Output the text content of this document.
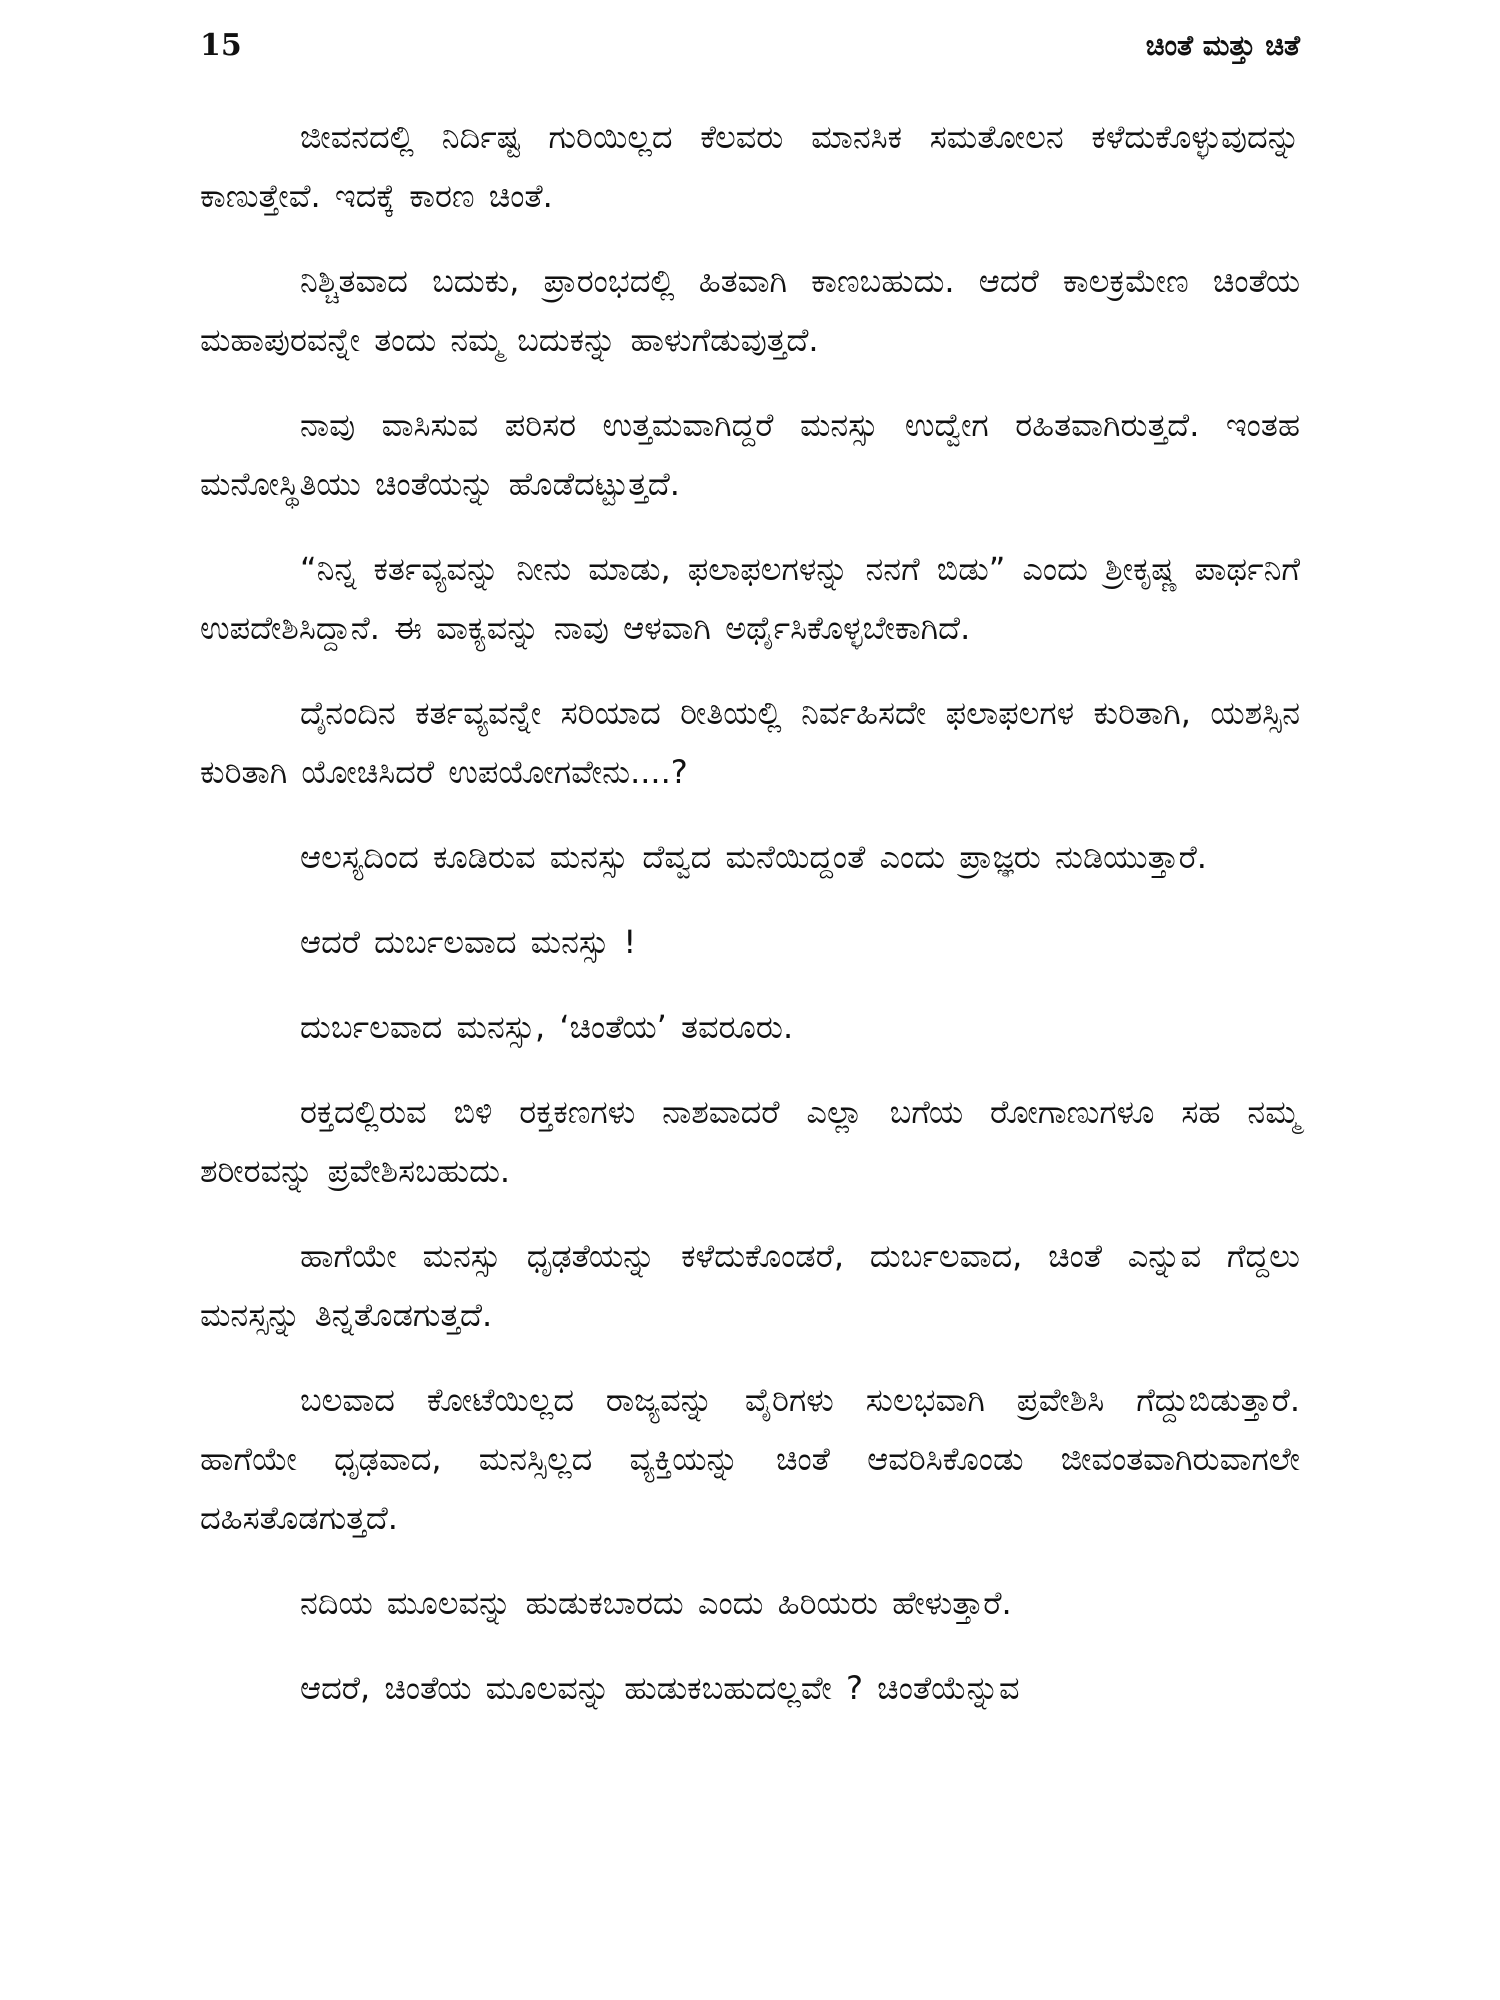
15	ಚಿಂತೆ ಮತ್ತು ಚಿತೆ

ಜೀವನದಲ್ಲಿ ನಿರ್ದಿಷ್ಟ ಗುರಿಯಿಲ್ಲದ ಕೆಲವರು ಮಾನಸಿಕ ಸಮತೋಲನ ಕಳೆದುಕೊಳ್ಳುವುದನ್ನು ಕಾಣುತ್ತೇವೆ. ಇದಕ್ಕೆ ಕಾರಣ ಚಿಂತೆ.

ನಿಶ್ಚಿತವಾದ ಬದುಕು, ಪ್ರಾರಂಭದಲ್ಲಿ ಹಿತವಾಗಿ ಕಾಣಬಹುದು. ಆದರೆ ಕಾಲಕ್ರಮೇಣ ಚಿಂತೆಯ ಮಹಾಪುರವನ್ನೇ ತಂದು ನಮ್ಮ ಬದುಕನ್ನು ಹಾಳುಗೆಡುವುತ್ತದೆ.

ನಾವು ವಾಸಿಸುವ ಪರಿಸರ ಉತ್ತಮವಾಗಿದ್ದರೆ ಮನಸ್ಸು ಉದ್ವೇಗ ರಹಿತವಾಗಿರುತ್ತದೆ. ಇಂತಹ ಮನೋಸ್ಥಿತಿಯು ಚಿಂತೆಯನ್ನು ಹೊಡೆದಟ್ಟುತ್ತದೆ.

“ನಿನ್ನ ಕರ್ತವ್ಯವನ್ನು ನೀನು ಮಾಡು, ಫಲಾಫಲಗಳನ್ನು ನನಗೆ ಬಿಡು” ಎಂದು ಶ್ರೀಕೃಷ್ಣ ಪಾರ್ಥನಿಗೆ ಉಪದೇಶಿಸಿದ್ದಾನೆ. ಈ ವಾಕ್ಯವನ್ನು ನಾವು ಆಳವಾಗಿ ಅರ್ಥೈಸಿಕೊಳ್ಳಬೇಕಾಗಿದೆ.

ದೈನಂದಿನ ಕರ್ತವ್ಯವನ್ನೇ ಸರಿಯಾದ ರೀತಿಯಲ್ಲಿ ನಿರ್ವಹಿಸದೇ ಫಲಾಫಲಗಳ ಕುರಿತಾಗಿ, ಯಶಸ್ಸಿನ ಕುರಿತಾಗಿ ಯೋಚಿಸಿದರೆ ಉಪಯೋಗವೇನು....?

ಆಲಸ್ಯದಿಂದ ಕೂಡಿರುವ ಮನಸ್ಸು ದೆವ್ವದ ಮನೆಯಿದ್ದಂತೆ ಎಂದು ಪ್ರಾಜ್ಞರು ನುಡಿಯುತ್ತಾರೆ.

ಆದರೆ ದುರ್ಬಲವಾದ ಮನಸ್ಸು !

ದುರ್ಬಲವಾದ ಮನಸ್ಸು, ‘ಚಿಂತೆಯ’ ತವರೂರು.

ರಕ್ತದಲ್ಲಿರುವ ಬಿಳಿ ರಕ್ತಕಣಗಳು ನಾಶವಾದರೆ ಎಲ್ಲಾ ಬಗೆಯ ರೋಗಾಣುಗಳೂ ಸಹ ನಮ್ಮ ಶರೀರವನ್ನು ಪ್ರವೇಶಿಸಬಹುದು.

ಹಾಗೆಯೇ ಮನಸ್ಸು ಧೃಢತೆಯನ್ನು ಕಳೆದುಕೊಂಡರೆ, ದುರ್ಬಲವಾದ, ಚಿಂತೆ ಎನ್ನುವ ಗೆದ್ದಲು ಮನಸ್ಸನ್ನು ತಿನ್ನತೊಡಗುತ್ತದೆ.

ಬಲವಾದ ಕೋಟೆಯಿಲ್ಲದ ರಾಜ್ಯವನ್ನು ವೈರಿಗಳು ಸುಲಭವಾಗಿ ಪ್ರವೇಶಿಸಿ ಗೆದ್ದುಬಿಡುತ್ತಾರೆ. ಹಾಗೆಯೇ ಧೃಢವಾದ, ಮನಸ್ಸಿಲ್ಲದ ವ್ಯಕ್ತಿಯನ್ನು ಚಿಂತೆ ಆವರಿಸಿಕೊಂಡು ಜೀವಂತವಾಗಿರುವಾಗಲೇ ದಹಿಸತೊಡಗುತ್ತದೆ.

ನದಿಯ ಮೂಲವನ್ನು ಹುಡುಕಬಾರದು ಎಂದು ಹಿರಿಯರು ಹೇಳುತ್ತಾರೆ.

ಆದರೆ, ಚಿಂತೆಯ ಮೂಲವನ್ನು ಹುಡುಕಬಹುದಲ್ಲವೇ ? ಚಿಂತೆಯೆನ್ನುವ
